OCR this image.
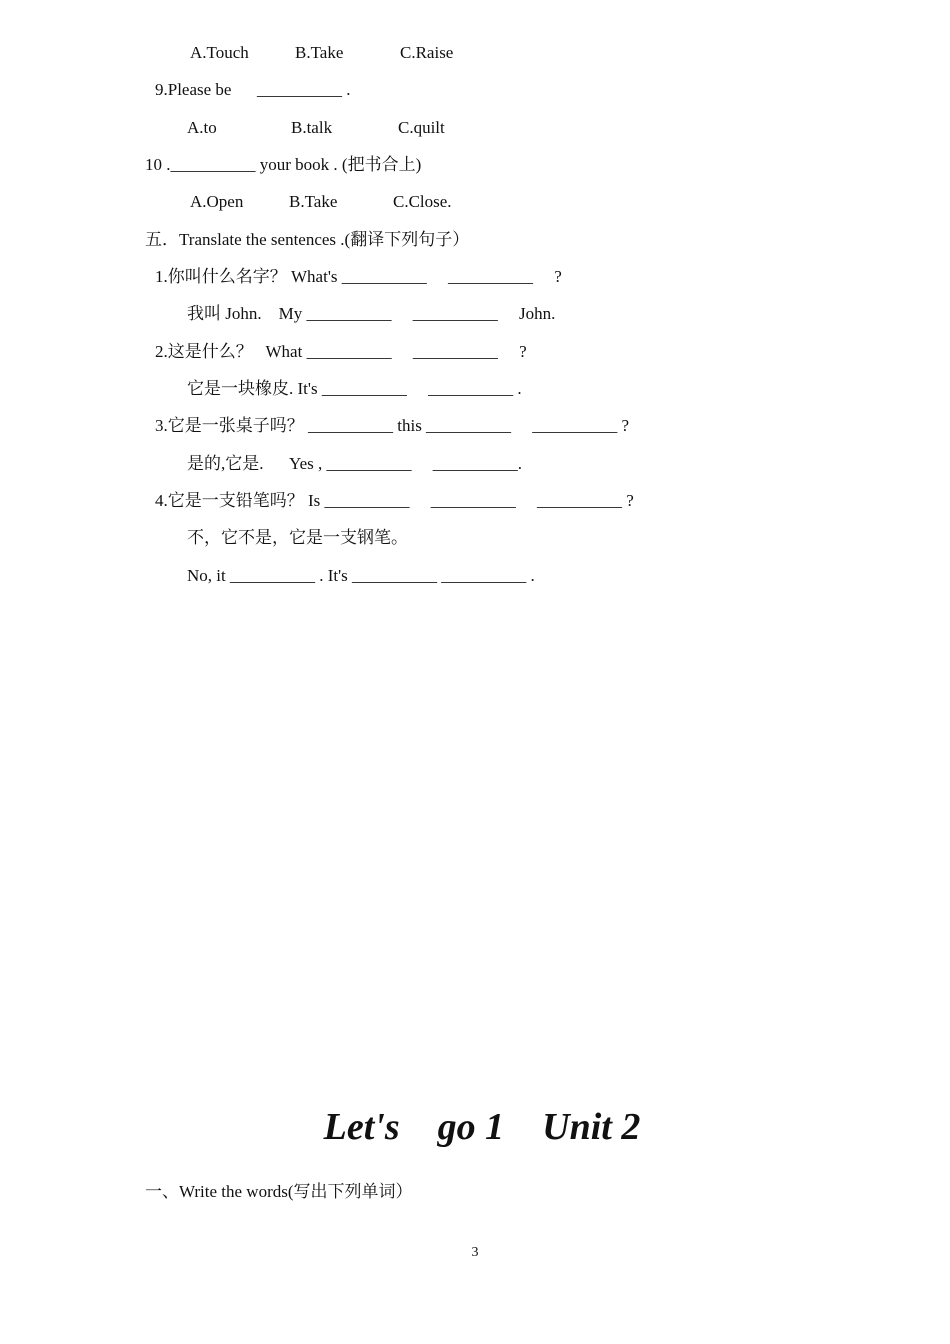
A.Touch	B.Take	C.Raise
9.Please be      __________ .
A.to	B.talk	C.quilt
10 .__________ your book . (把书合上)
A.Open	B.Take	C.Close.
五．Translate the sentences .(翻译下列句子）
1.你叫什么名字？ What's __________     __________     ?
我叫 John.    My __________     __________     John.
2.这是什么？   What __________     __________     ?
它是一块橡皮. It's __________     __________ .
3.它是一张桌子吗？ __________ this __________     __________ ?
是的,它是.      Yes , __________     __________.
4.它是一支铅笔吗？ Is __________     __________     __________ ?
不，它不是，它是一支钢笔。
No, it __________ . It's __________ __________ .
Let's    go 1    Unit 2
一、Write the words(写出下列单词）
3
